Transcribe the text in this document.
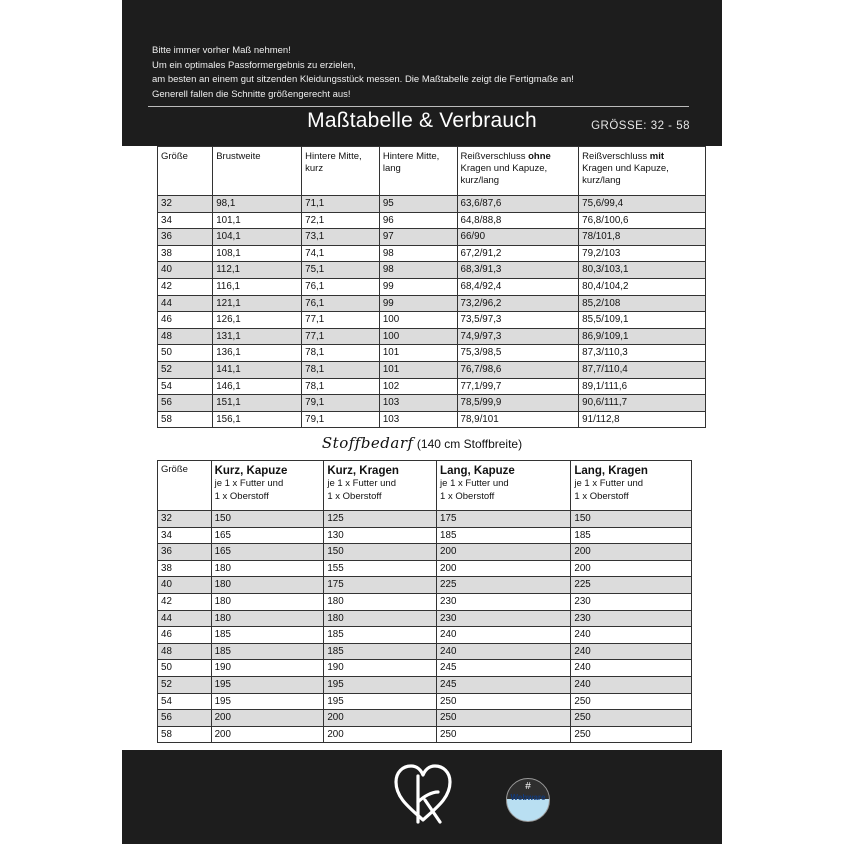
Bitte immer vorher Maß nehmen!
Um ein optimales Passformergebnis zu erzielen,
am besten an einem gut sitzenden Kleidungsstück messen. Die Maßtabelle zeigt die Fertigmaße an!
Generell fallen die Schnitte größengerecht aus!
Maßtabelle & Verbrauch	GRÖSSE: 32 - 58
Größe	Brustweite	Hintere Mitte,
kurz	Hintere Mitte,
lang	Reißverschluss ohne
Kragen und Kapuze,
kurz/lang	Reißverschluss mit
Kragen und Kapuze,
kurz/lang
32	98,1	71,1	95	63,6/87,6	75,6/99,4
34	101,1	72,1	96	64,8/88,8	76,8/100,6
36	104,1	73,1	97	66/90	78/101,8
38	108,1	74,1	98	67,2/91,2	79,2/103
40	112,1	75,1	98	68,3/91,3	80,3/103,1
42	116,1	76,1	99	68,4/92,4	80,4/104,2
44	121,1	76,1	99	73,2/96,2	85,2/108
46	126,1	77,1	100	73,5/97,3	85,5/109,1
48	131,1	77,1	100	74,9/97,3	86,9/109,1
50	136,1	78,1	101	75,3/98,5	87,3/110,3
52	141,1	78,1	101	76,7/98,6	87,7/110,4
54	146,1	78,1	102	77,1/99,7	89,1/111,6
56	151,1	79,1	103	78,5/99,9	90,6/111,7
58	156,1	79,1	103	78,9/101	91/112,8
Stoffbedarf (140 cm Stoffbreite)
Größe	Kurz, Kapuze
je 1 x Futter und
1 x Oberstoff	Kurz, Kragen
je 1 x Futter und
1 x Oberstoff	Lang, Kapuze
je 1 x Futter und
1 x Oberstoff	Lang, Kragen
je 1 x Futter und
1 x Oberstoff
32	150	125	175	150
34	165	130	185	185
36	165	150	200	200
38	180	155	200	200
40	180	175	225	225
42	180	180	230	230
44	180	180	230	230
46	185	185	240	240
48	185	185	240	240
50	190	190	245	240
52	195	195	245	240
54	195	195	250	250
56	200	200	250	250
58	200	200	250	250
#
Webware
